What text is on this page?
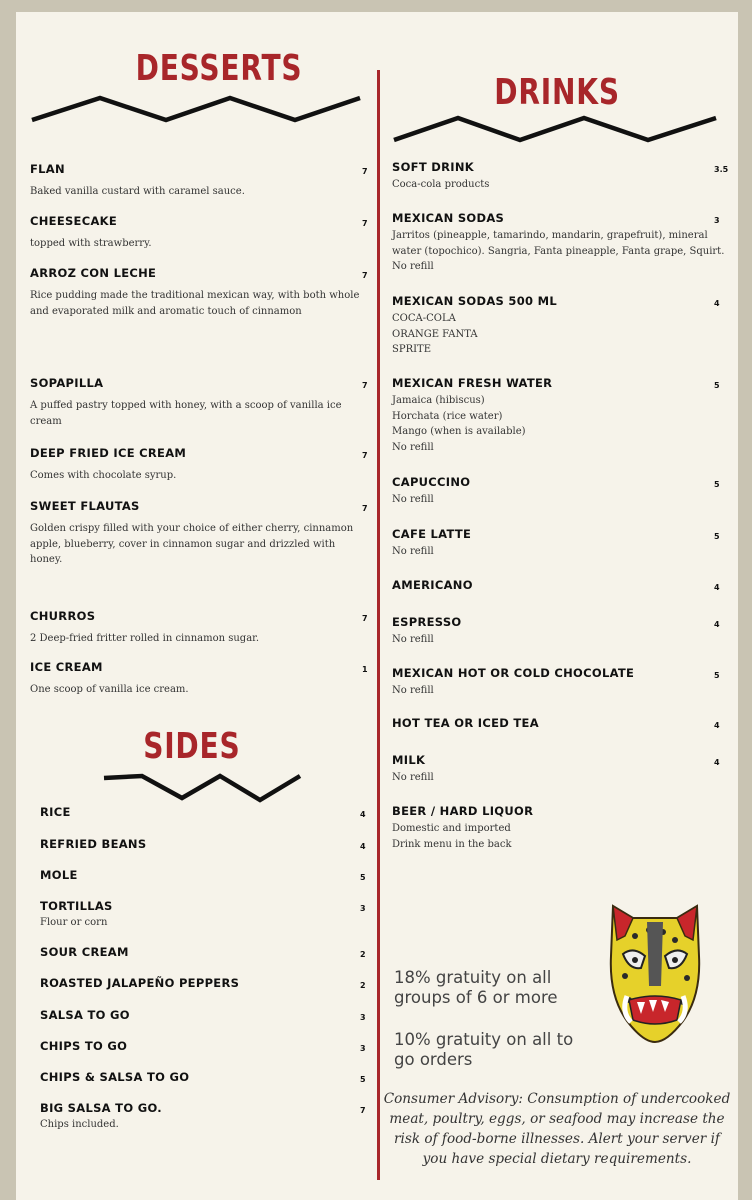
DESSERTS
SIDES
DRINKS
FLAN	7
Baked vanilla custard with caramel sauce.
CHEESECAKE	7
topped with strawberry.
ARROZ CON LECHE	7
Rice pudding made the traditional mexican way, with both whole
and evaporated milk and aromatic touch of cinnamon
SOPAPILLA	7
A puffed pastry topped with honey, with a scoop of vanilla ice
cream
DEEP FRIED ICE CREAM	7
Comes with chocolate syrup.
SWEET FLAUTAS	7
Golden crispy filled with your choice of either cherry, cinnamon
apple, blueberry, cover in cinnamon sugar and drizzled with
honey.
CHURROS	7
2 Deep-fried fritter rolled in cinnamon sugar.
ICE CREAM	1
One scoop of vanilla ice cream.
RICE	4
REFRIED BEANS	4
MOLE	5
TORTILLAS	3
Flour or corn
SOUR CREAM	2
ROASTED JALAPEÑO PEPPERS	2
SALSA TO GO	3
CHIPS TO GO	3
CHIPS & SALSA TO GO	5
BIG SALSA TO GO.	7
Chips included.
SOFT DRINK	3.5
Coca-cola products
MEXICAN SODAS	3
Jarritos (pineapple, tamarindo, mandarin, grapefruit), mineral
water (topochico). Sangria, Fanta pineapple, Fanta grape, Squirt.
No refill
MEXICAN SODAS 500 ML	4
COCA-COLA
ORANGE FANTA
SPRITE
MEXICAN FRESH WATER	5
Jamaica (hibiscus)
Horchata (rice water)
Mango (when is available)
No refill
CAPUCCINO	5
No refill
CAFE LATTE	5
No refill
AMERICANO	4
ESPRESSO	4
No refill
MEXICAN HOT OR COLD CHOCOLATE	5
No refill
HOT TEA OR ICED TEA	4
MILK	4
No refill
BEER / HARD LIQUOR
Domestic and imported
Drink menu in the back
18% gratuity on all
groups of 6 or more
10% gratuity on all to
go orders
Consumer Advisory: Consumption of undercooked meat, poultry, eggs, or seafood may increase the risk of food-borne illnesses. Alert your server if you have special dietary requirements.
